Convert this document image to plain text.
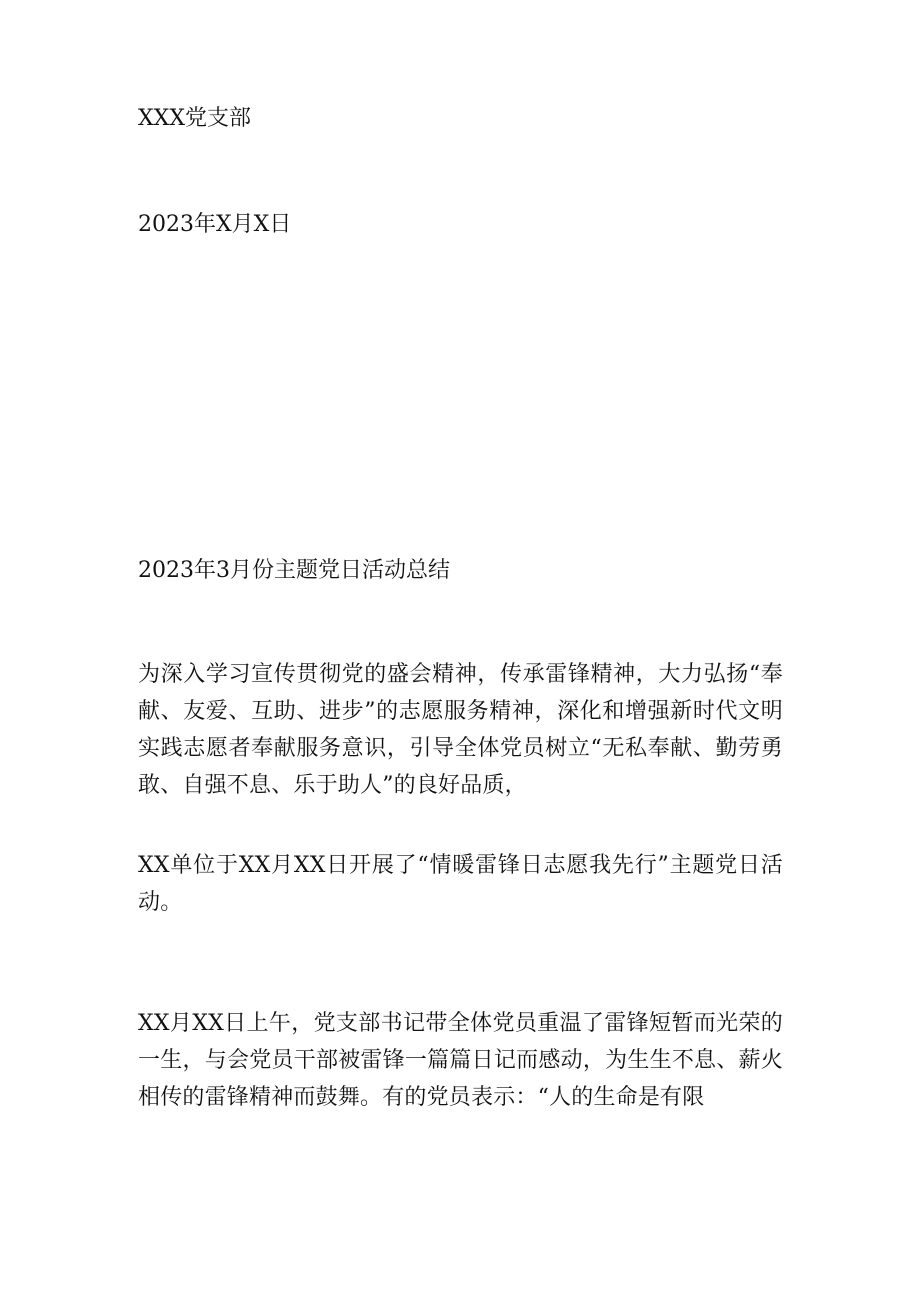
XXX党支部

2023年X月X日

2023年3月份主题党日活动总结

为深入学习宣传贯彻党的盛会精神，传承雷锋精神，大力弘扬“奉献、友爱、互助、进步”的志愿服务精神，深化和增强新时代文明实践志愿者奉献服务意识，引导全体党员树立“无私奉献、勤劳勇敢、自强不息、乐于助人”的良好品质，

XX单位于XX月XX日开展了“情暖雷锋日志愿我先行”主题党日活动。

XX月XX日上午，党支部书记带全体党员重温了雷锋短暂而光荣的一生，与会党员干部被雷锋一篇篇日记而感动，为生生不息、薪火相传的雷锋精神而鼓舞。有的党员表示：“人的生命是有限
